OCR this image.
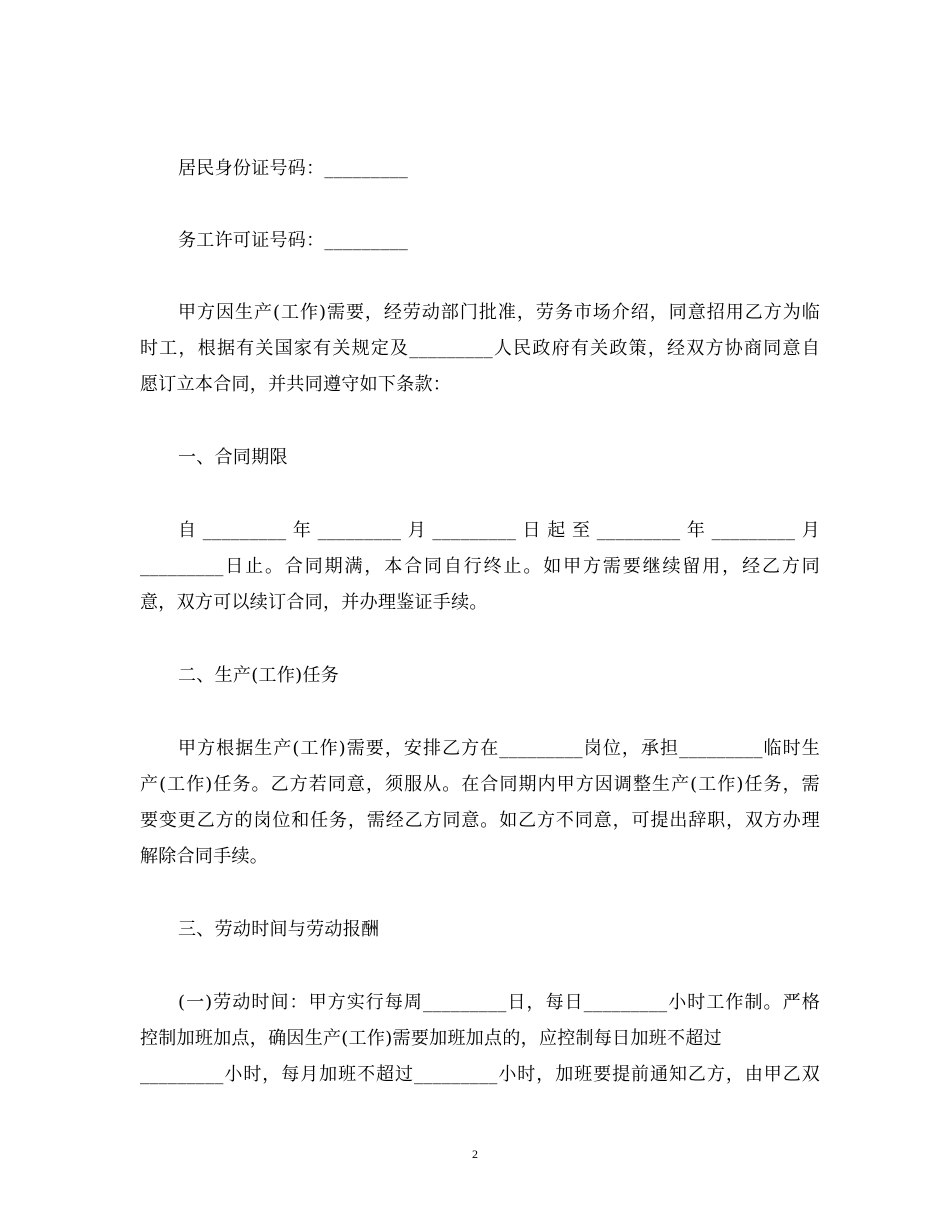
居民身份证号码：_________
务工许可证号码：_________
甲方因生产(工作)需要，经劳动部门批准，劳务市场介绍，同意招用乙方为临
时工，根据有关国家有关规定及_________人民政府有关政策，经双方协商同意自
愿订立本合同，并共同遵守如下条款：
一、合同期限
自_________年_________月_________日起至_________年_________月
_________日止。合同期满，本合同自行终止。如甲方需要继续留用，经乙方同
意，双方可以续订合同，并办理鉴证手续。
二、生产(工作)任务
甲方根据生产(工作)需要，安排乙方在_________岗位，承担_________临时生
产(工作)任务。乙方若同意，须服从。在合同期内甲方因调整生产(工作)任务，需
要变更乙方的岗位和任务，需经乙方同意。如乙方不同意，可提出辞职，双方办理
解除合同手续。
三、劳动时间与劳动报酬
(一)劳动时间：甲方实行每周_________日，每日_________小时工作制。严格
控制加班加点，确因生产(工作)需要加班加点的，应控制每日加班不超过
_________小时，每月加班不超过_________小时，加班要提前通知乙方，由甲乙双
2
